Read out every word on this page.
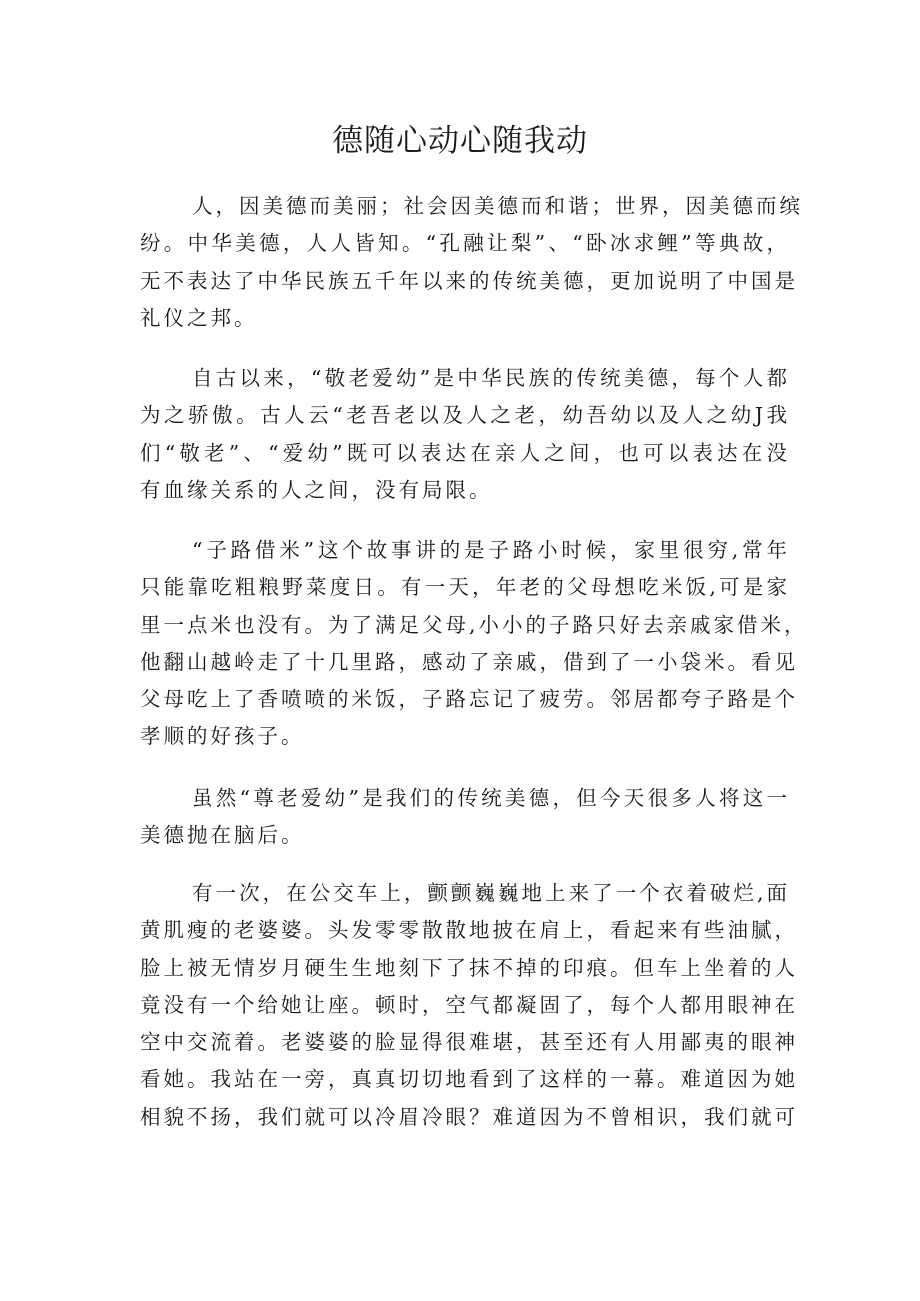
德随心动心随我动

人，因美德而美丽；社会因美德而和谐；世界，因美德而缤
纷。中华美德，人人皆知。“孔融让梨”、“卧冰求鲤”等典故，
无不表达了中华民族五千年以来的传统美德，更加说明了中国是
礼仪之邦。

自古以来，“敬老爱幼”是中华民族的传统美德，每个人都
为之骄傲。古人云“老吾老以及人之老，幼吾幼以及人之幼J我
们“敬老”、“爱幼”既可以表达在亲人之间，也可以表达在没
有血缘关系的人之间，没有局限。

“子路借米”这个故事讲的是子路小时候，家里很穷,常年
只能靠吃粗粮野菜度日。有一天，年老的父母想吃米饭,可是家
里一点米也没有。为了满足父母,小小的子路只好去亲戚家借米，
他翻山越岭走了十几里路，感动了亲戚，借到了一小袋米。看见
父母吃上了香喷喷的米饭，子路忘记了疲劳。邻居都夸子路是个
孝顺的好孩子。

虽然“尊老爱幼”是我们的传统美德，但今天很多人将这一
美德抛在脑后。

有一次，在公交车上，颤颤巍巍地上来了一个衣着破烂,面
黄肌瘦的老婆婆。头发零零散散地披在肩上，看起来有些油腻，
脸上被无情岁月硬生生地刻下了抹不掉的印痕。但车上坐着的人
竟没有一个给她让座。顿时，空气都凝固了，每个人都用眼神在
空中交流着。老婆婆的脸显得很难堪，甚至还有人用鄙夷的眼神
看她。我站在一旁，真真切切地看到了这样的一幕。难道因为她
相貌不扬，我们就可以冷眉冷眼？难道因为不曾相识，我们就可
